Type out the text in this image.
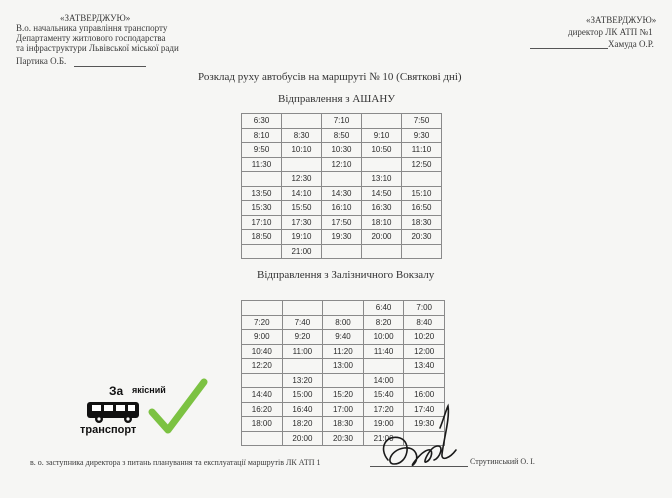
«ЗАТВЕРДЖУЮ»
В.о. начальника управління транспорту
Департаменту житлового господарства
та інфраструктури Львівської міської ради
Партика О.Б.
«ЗАТВЕРДЖУЮ»
директор ЛК АТП №1
Хамуда О.Р.
Розклад руху автобусів на маршруті № 10 (Святкові дні)
Відправлення з АШАНУ
6:30		7:10		7:50
8:10	8:30	8:50	9:10	9:30
9:50	10:10	10:30	10:50	11:10
11:30		12:10		12:50
	12:30		13:10	
13:50	14:10	14:30	14:50	15:10
15:30	15:50	16:10	16:30	16:50
17:10	17:30	17:50	18:10	18:30
18:50	19:10	19:30	20:00	20:30
	21:00			
Відправлення з Залізничного Вокзалу
			6:40	7:00
7:20	7:40	8:00	8:20	8:40
9:00	9:20	9:40	10:00	10:20
10:40	11:00	11:20	11:40	12:00
12:20		13:00		13:40
	13:20		14:00	
14:40	15:00	15:20	15:40	16:00
16:20	16:40	17:00	17:20	17:40
18:00	18:20	18:30	19:00	19:30
	20:00	20:30	21:00	
За якісний
транспорт
в. о. заступника директора з питань планування та експлуатації маршрутів ЛК АТП 1	Струтинський О. І.
